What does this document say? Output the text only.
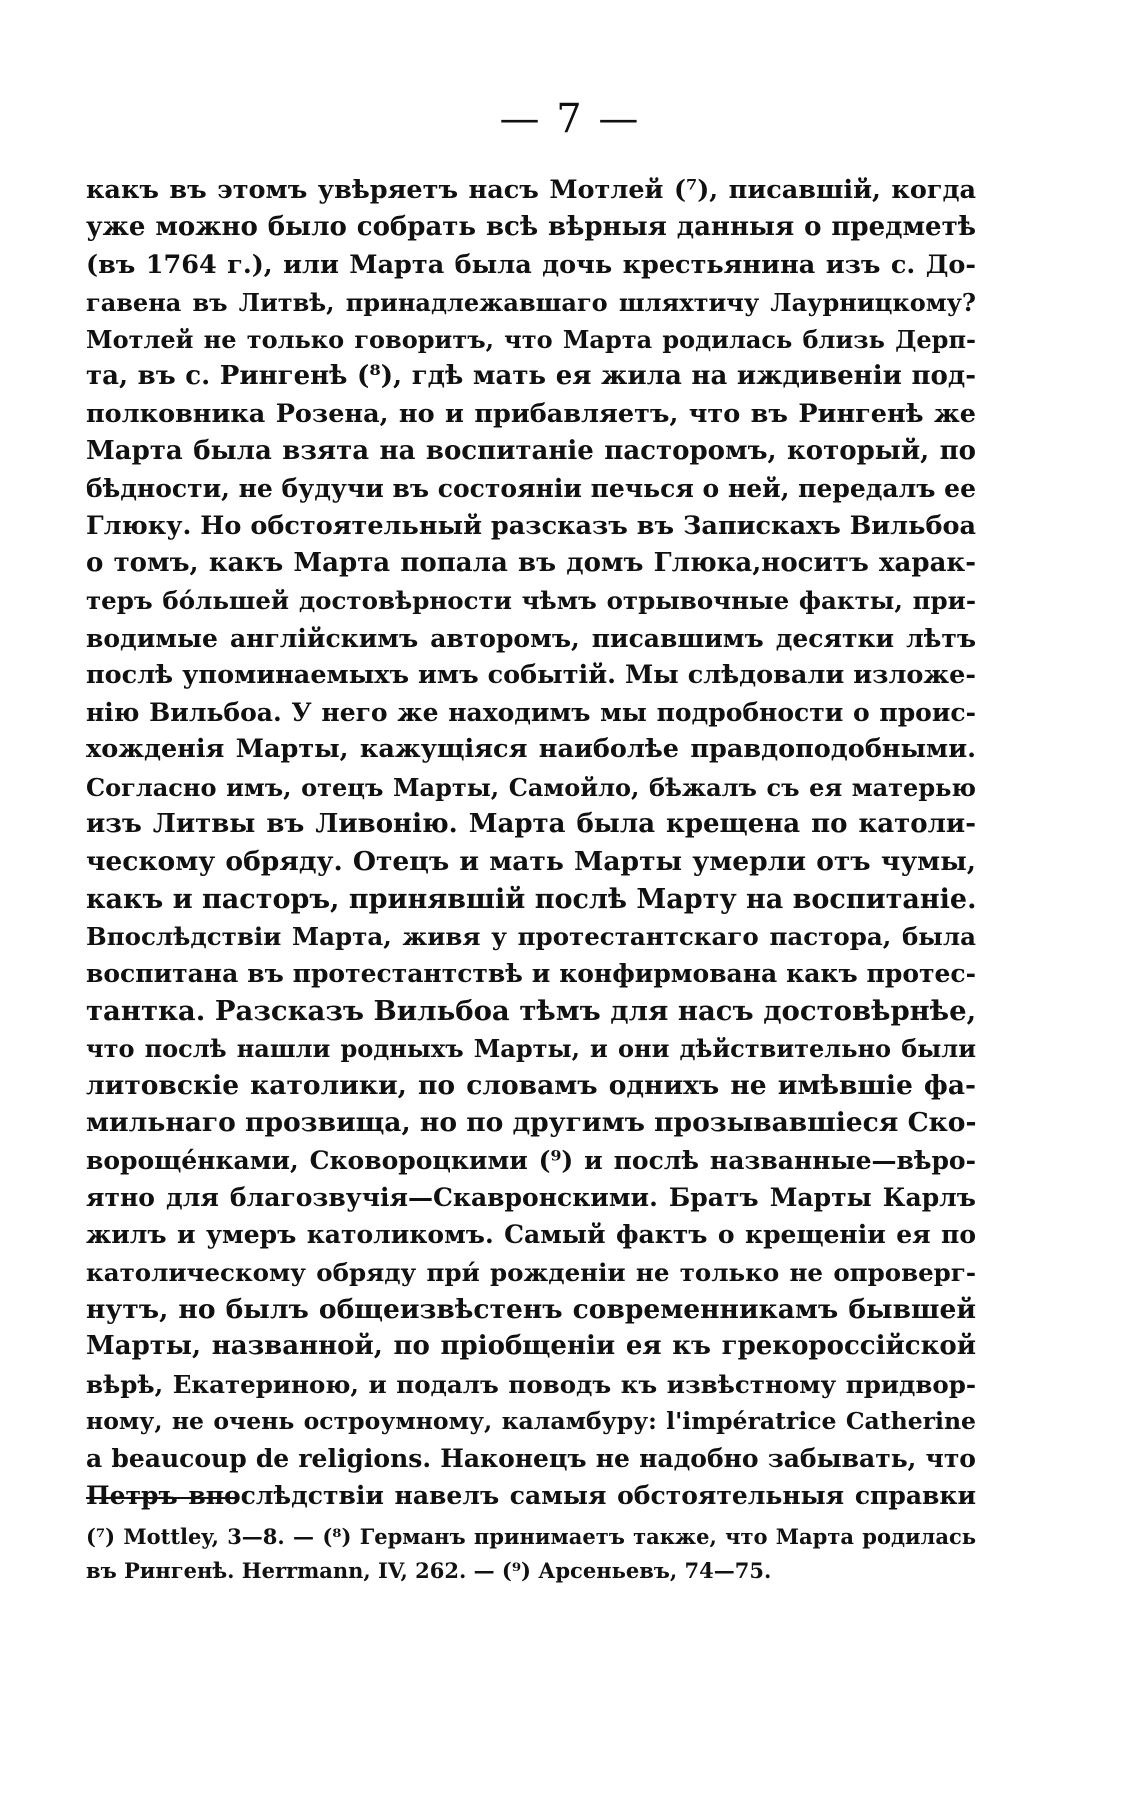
— 7 —
какъ въ этомъ увѣряетъ насъ Мотлей (⁷), писавшій, когда
уже можно было собрать всѣ вѣрныя данныя о предметѣ
(въ 1764 г.), или Марта была дочь крестьянина изъ с. До-
гавена въ Литвѣ, принадлежавшаго шляхтичу Лаурницкому?
Мотлей не только говоритъ, что Марта родилась близь Дерп-
та, въ с. Рингенѣ (⁸), гдѣ мать ея жила на иждивеніи под-
полковника Розена, но и прибавляетъ, что въ Рингенѣ же
Марта была взята на воспитаніе пасторомъ, который, по
бѣдности, не будучи въ состояніи печься о ней, передалъ ее
Глюку. Но обстоятельный разсказъ въ Запискахъ Вильбоа
о томъ, какъ Марта попала въ домъ Глюка,носитъ харак-
теръ бо́льшей достовѣрности чѣмъ отрывочные факты, при-
водимые англійскимъ авторомъ, писавшимъ десятки лѣтъ
послѣ упоминаемыхъ имъ событій. Мы слѣдовали изложе-
нію Вильбоа. У него же находимъ мы подробности о проис-
хожденія Марты, кажущіяся наиболѣе правдоподобными.
Согласно имъ, отецъ Марты, Самойло, бѣжалъ съ ея матерью
изъ Литвы въ Ливонію. Марта была крещена по католи-
ческому обряду. Отецъ и мать Марты умерли отъ чумы,
какъ и пасторъ, принявшій послѣ Марту на воспитаніе.
Впослѣдствіи Марта, живя у протестантскаго пастора, была
воспитана въ протестантствѣ и конфирмована какъ протес-
тантка. Разсказъ Вильбоа тѣмъ для насъ достовѣрнѣе,
что послѣ нашли родныхъ Марты, и они дѣйствительно были
литовскіе католики, по словамъ однихъ не имѣвшіе фа-
мильнаго прозвища, но по другимъ прозывавшіеся Ско-
вороще́нками, Сковороцкими (⁹) и послѣ названные—вѣро-
ятно для благозвучія—Скавронскими. Братъ Марты Карлъ
жилъ и умеръ католикомъ. Самый фактъ о крещеніи ея по
католическому обряду при́ рожденіи не только не опроверг-
нутъ, но былъ общеизвѣстенъ современникамъ бывшей
Марты, названной, по пріобщеніи ея къ грекороссійской
вѣрѣ, Екатериною, и подалъ поводъ къ извѣстному придвор-
ному, не очень остроумному, каламбуру: l'impératrice Catherine
a beaucoup de religions. Наконецъ не надобно забывать, что
Петръ впослѣдствіи навелъ самыя обстоятельныя справки
(⁷) Mottley, 3—8. — (⁸) Германъ принимаетъ также, что Марта родилась
въ Рингенѣ. Herrmann, IV, 262. — (⁹) Арсеньевъ, 74—75.
